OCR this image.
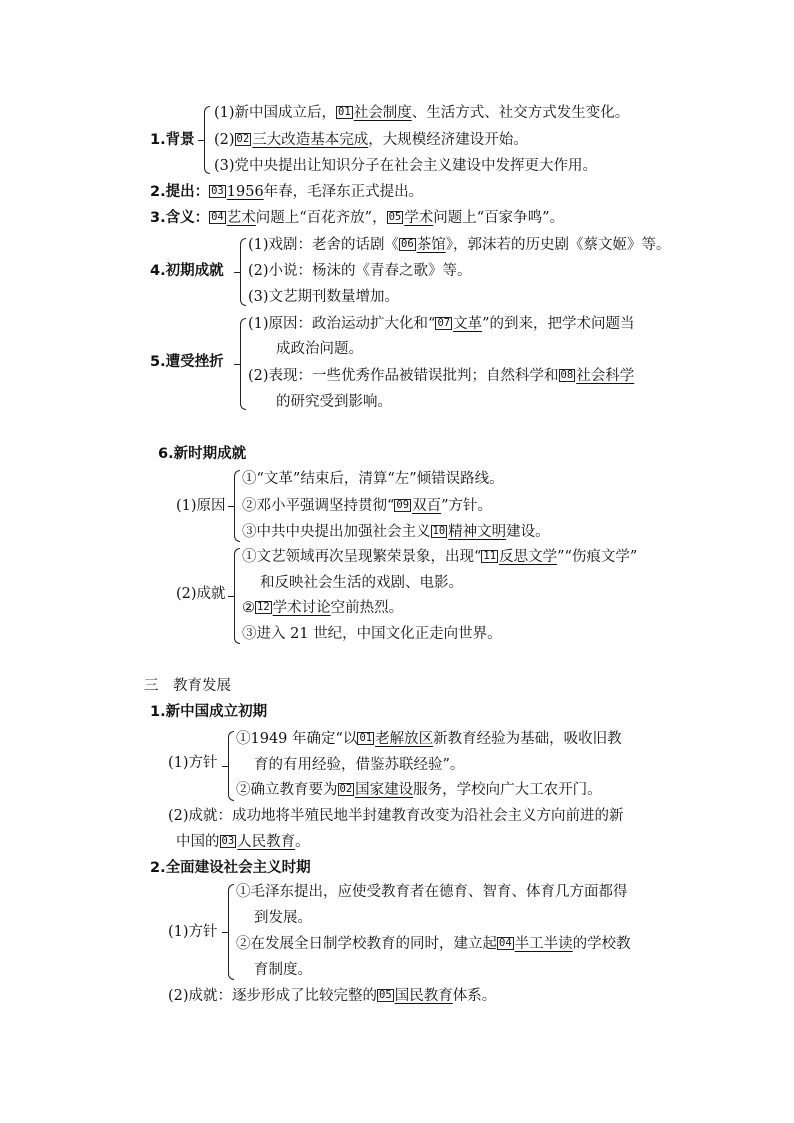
1.背景
(1)新中国成立后， 01 社会制度、生活方式、社交方式发生变化。
(2) 02 三大改造基本完成，大规模经济建设开始。
(3)党中央提出让知识分子在社会主义建设中发挥更大作用。
2.提出： 03 1956年春，毛泽东正式提出。
3.含义： 04 艺术问题上“百花齐放”， 05 学术问题上“百家争鸣”。
4.初期成就
(1)戏剧：老舍的话剧《 06 茶馆》，郭沫若的历史剧《蔡文姬》等。
(2)小说：杨沫的《青春之歌》等。
(3)文艺期刊数量增加。
5.遭受挫折
(1)原因：政治运动扩大化和“ 07 文革”的到来，把学术问题当
成政治问题。
(2)表现：一些优秀作品被错误批判；自然科学和 08 社会科学
的研究受到影响。
6.新时期成就
(1)原因
①“文革”结束后，清算“左”倾错误路线。
②邓小平强调坚持贯彻“ 09 双百”方针。
③中共中央提出加强社会主义 10 精神文明建设。
(2)成就
①文艺领域再次呈现繁荣景象，出现“ 11 反思文学”“伤痕文学”
和反映社会生活的戏剧、电影。
② 12 学术讨论空前热烈。
③进入 21 世纪，中国文化正走向世界。
三　教育发展
1.新中国成立初期
(1)方针
①1949 年确定“以 01 老解放区新教育经验为基础，吸收旧教
育的有用经验，借鉴苏联经验”。
②确立教育要为 02 国家建设服务，学校向广大工农开门。
(2)成就：成功地将半殖民地半封建教育改变为沿社会主义方向前进的新
中国的 03 人民教育。
2.全面建设社会主义时期
(1)方针
①毛泽东提出，应使受教育者在德育、智育、体育几方面都得
到发展。
②在发展全日制学校教育的同时，建立起 04 半工半读的学校教
育制度。
(2)成就：逐步形成了比较完整的 05 国民教育体系。
